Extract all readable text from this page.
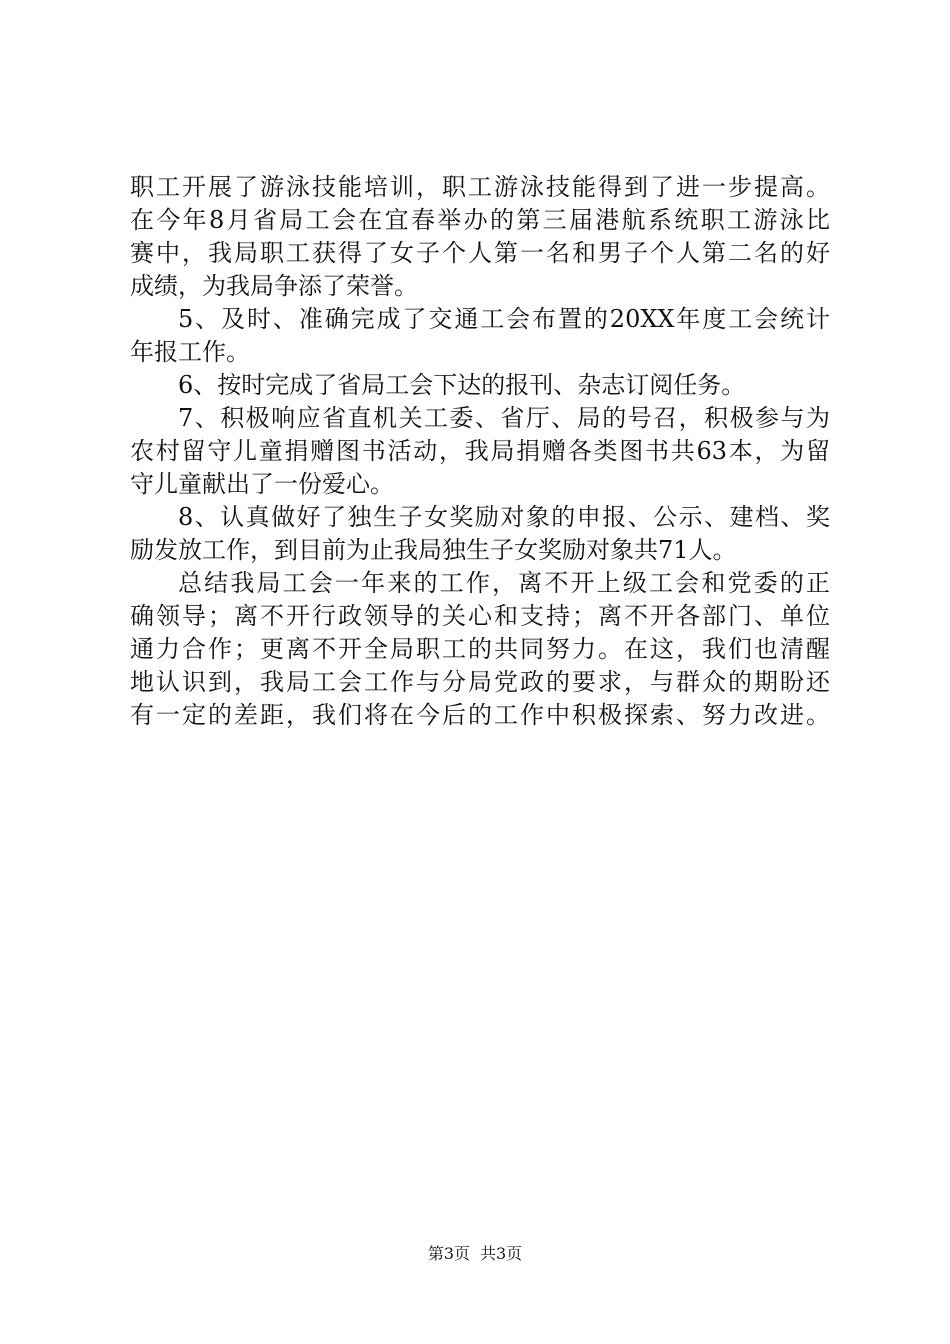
职工开展了游泳技能培训，职工游泳技能得到了进一步提高。
在今年8月省局工会在宜春举办的第三届港航系统职工游泳比
赛中，我局职工获得了女子个人第一名和男子个人第二名的好
成绩，为我局争添了荣誉。
5、及时、准确完成了交通工会布置的20XX年度工会统计
年报工作。
6、按时完成了省局工会下达的报刊、杂志订阅任务。
7、积极响应省直机关工委、省厅、局的号召，积极参与为
农村留守儿童捐赠图书活动，我局捐赠各类图书共63本，为留
守儿童献出了一份爱心。
8、认真做好了独生子女奖励对象的申报、公示、建档、奖
励发放工作，到目前为止我局独生子女奖励对象共71人。
总结我局工会一年来的工作，离不开上级工会和党委的正
确领导；离不开行政领导的关心和支持；离不开各部门、单位
通力合作；更离不开全局职工的共同努力。在这，我们也清醒
地认识到，我局工会工作与分局党政的要求，与群众的期盼还
有一定的差距，我们将在今后的工作中积极探索、努力改进。
第3页 共3页
